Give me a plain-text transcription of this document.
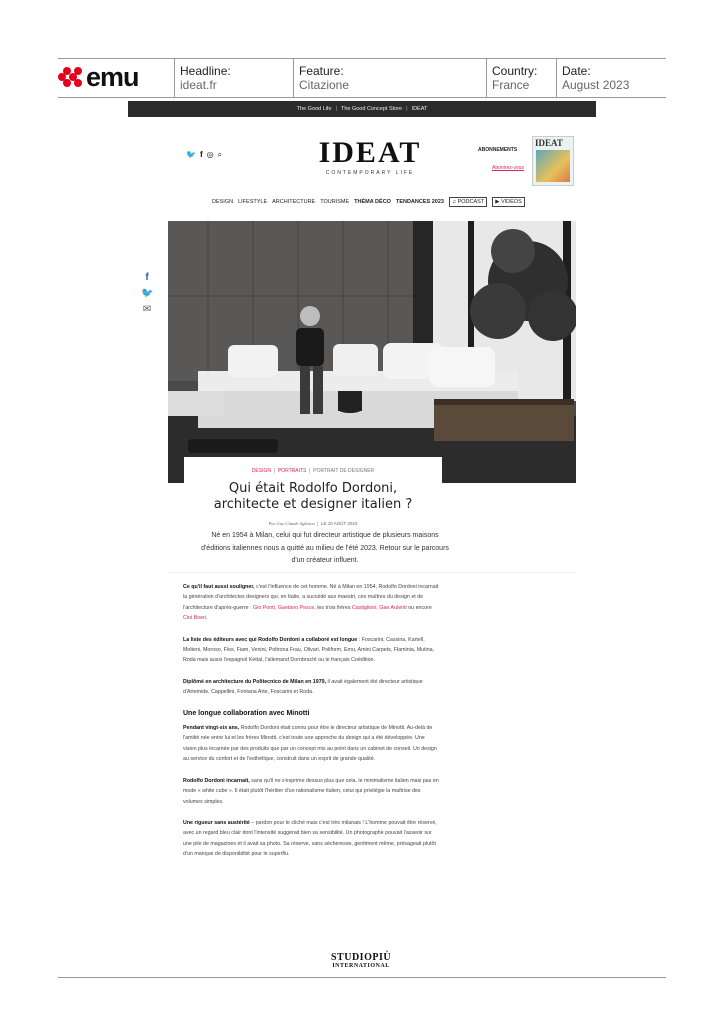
emu	Headline:
ideat.fr
Feature:
Citazione
Country:
France
Date:
August 2023
The Good Life | The Good Concept Store | IDEAT
🐦 f ◎ ⌕	IDEAT
CONTEMPORARY LIFE
ABONNEMENTS
Abonnez-vous
IDEAT
DESIGN LIFESTYLE ARCHITECTURE TOURISME THÉMA DÉCO TENDANCES 2023	♫ PODCAST	▶ VIDÉOS
f
🐦
✉
DESIGN  |  PORTRAITS  |  PORTRAIT DE DESIGNER
Qui était Rodolfo Dordoni,
architecte et designer italien ?
Par Guy-Claude Agboton  |  LE 10 AOÛT 2023
Né en 1954 à Milan, celui qui fut directeur artistique de plusieurs maisons d'éditions italiennes nous a quitté au milieu de l'été 2023. Retour sur le parcours d'un créateur influent.

Ce qu'il faut aussi souligner, c'est l'influence de cet homme. Né à Milan en 1954, Rodolfo Dordoni incarnait la génération d'architectes designers qui, en Italie, a succédé aux maestri, ces maîtres du design et de l'architecture d'après-guerre : Gio Ponti, Gaetano Pesce, les trois frères Castiglioni, Gae Aulenti ou encore Cini Boeri.

La liste des éditeurs avec qui Rodolfo Dordoni a collaboré est longue : Foscarini, Cassina, Kartell, Molteni, Moroso, Flos, Fiam, Venini, Poltrona Frau, Olivari, Poliform, Emu, Amini Carpets, Flaminia, Mutina, Roda mais aussi l'espagnol Kettal, l'allemand Dornbracht ou le français Coédition.

Diplômé en architecture du Politecnico de Milan en 1979, il avait également été directeur artistique d'Artemide, Cappellini, Fontana Arte, Foscarini et Roda.

Une longue collaboration avec Minotti

Pendant vingt-six ans, Rodolfo Dordoni était connu pour être le directeur artistique de Minotti. Au-delà de l'amitié née entre lui et les frères Minotti, c'est toute une approche du design qui a été développée. Une vision plus incarnée par des produits que par un concept mis au point dans un cabinet de conseil. Un design au service du confort et de l'esthétique, construit dans un esprit de grande qualité.

Rodolfo Dordoni incarnait, sans qu'il ne s'exprime dessus plus que cela, le minimalisme italien mais pas en mode « white cube ». Il était plutôt l'héritier d'un rationalisme italien, celui qui privilégie la maîtrise des volumes simples.

Une rigueur sans austérité – pardon pour le cliché mais c'est très milanais ! L'homme pouvait être réservé, avec un regard bleu clair dont l'intensité suggérait bien sa sensibilité. Un photographe pouvait l'asseoir sur une pile de magazines et il avait sa photo. Sa réserve, sans sécheresse, gentiment même, présageait plutôt d'un manque de disponibilité pour le superflu.

STUDIOPIÙ
INTERNATIONAL
